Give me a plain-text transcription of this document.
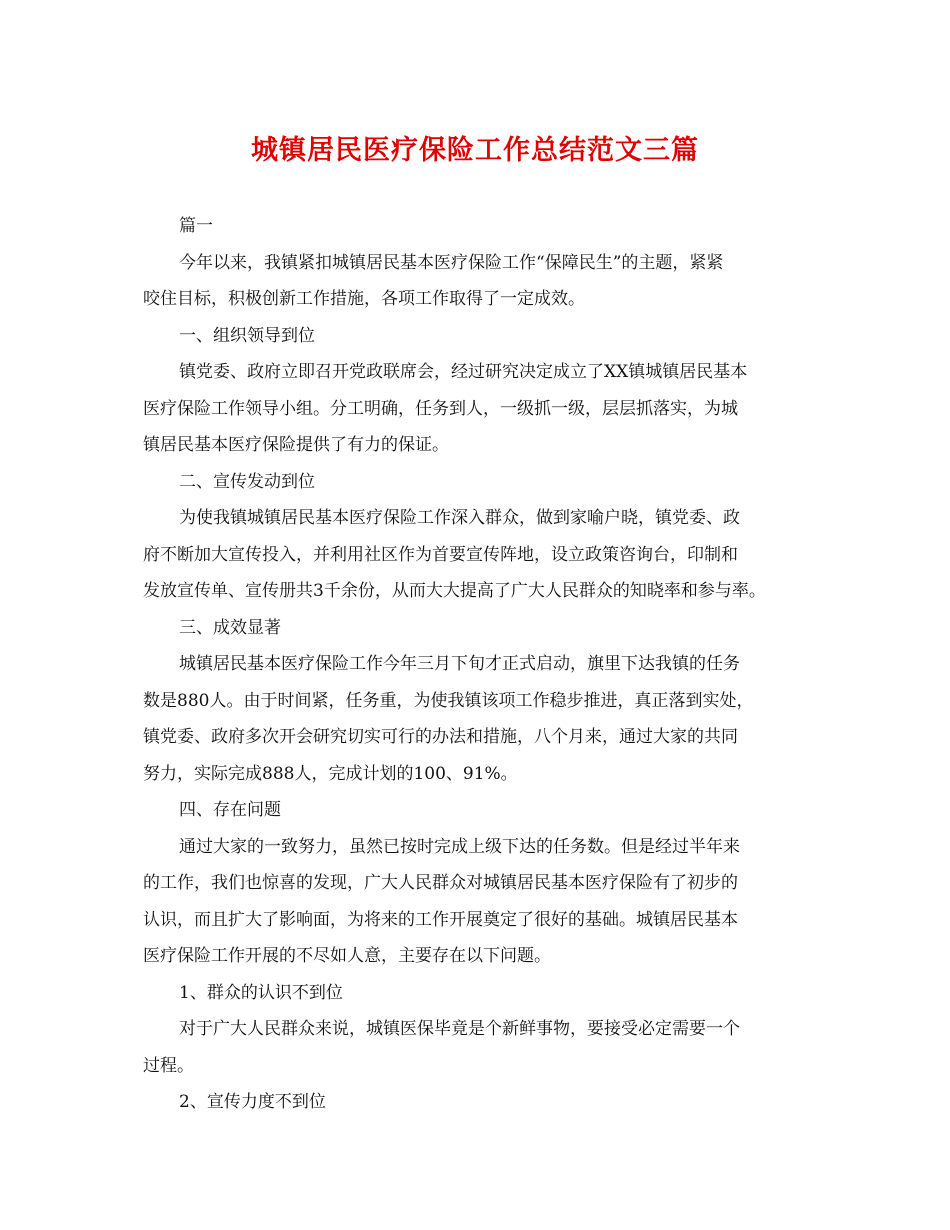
城镇居民医疗保险工作总结范文三篇
篇一
今年以来，我镇紧扣城镇居民基本医疗保险工作“保障民生”的主题，紧紧
咬住目标，积极创新工作措施，各项工作取得了一定成效。
一、组织领导到位
镇党委、政府立即召开党政联席会，经过研究决定成立了XX镇城镇居民基本
医疗保险工作领导小组。分工明确，任务到人，一级抓一级，层层抓落实，为城
镇居民基本医疗保险提供了有力的保证。
二、宣传发动到位
为使我镇城镇居民基本医疗保险工作深入群众，做到家喻户晓，镇党委、政
府不断加大宣传投入，并利用社区作为首要宣传阵地，设立政策咨询台，印制和
发放宣传单、宣传册共3千余份，从而大大提高了广大人民群众的知晓率和参与率。
三、成效显著
城镇居民基本医疗保险工作今年三月下旬才正式启动，旗里下达我镇的任务
数是880人。由于时间紧，任务重，为使我镇该项工作稳步推进，真正落到实处，
镇党委、政府多次开会研究切实可行的办法和措施，八个月来，通过大家的共同
努力，实际完成888人，完成计划的100、91%。
四、存在问题
通过大家的一致努力，虽然已按时完成上级下达的任务数。但是经过半年来
的工作，我们也惊喜的发现，广大人民群众对城镇居民基本医疗保险有了初步的
认识，而且扩大了影响面，为将来的工作开展奠定了很好的基础。城镇居民基本
医疗保险工作开展的不尽如人意，主要存在以下问题。
1、群众的认识不到位
对于广大人民群众来说，城镇医保毕竟是个新鲜事物，要接受必定需要一个
过程。
2、宣传力度不到位
